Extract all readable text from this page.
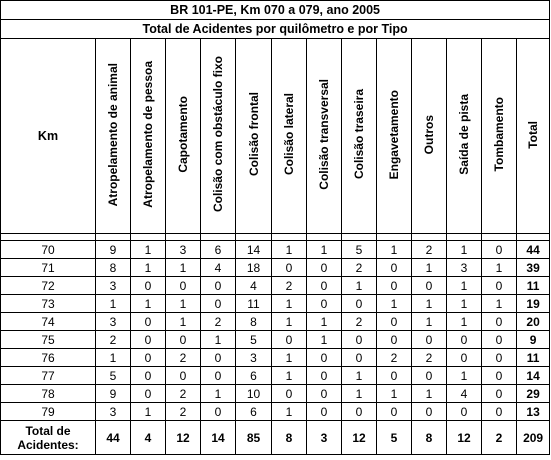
BR 101-PE, Km 070 a 079, ano 2005													
Total de Acidentes por quilômetro e por Tipo													
Km	Atropelamento de animal	Atropelamento de pessoa	Capotamento	Colisão com obstáculo fixo	Colisão frontal	Colisão lateral	Colisão transversal	Colisão traseira	Engavetamento	Outros	Saída de pista	Tombamento	Total

70	9	1	3	6	14	1	1	5	1	2	1	0	44
71	8	1	1	4	18	0	0	2	0	1	3	1	39
72	3	0	0	0	4	2	0	1	0	0	1	0	11
73	1	1	1	0	11	1	0	0	1	1	1	1	19
74	3	0	1	2	8	1	1	2	0	1	1	0	20
75	2	0	0	1	5	0	1	0	0	0	0	0	9
76	1	0	2	0	3	1	0	0	2	2	0	0	11
77	5	0	0	0	6	1	0	1	0	0	1	0	14
78	9	0	2	1	10	0	0	1	1	1	4	0	29
79	3	1	2	0	6	1	0	0	0	0	0	0	13

Total de
Acidentes:	44	4	12	14	85	8	3	12	5	8	12	2	209
